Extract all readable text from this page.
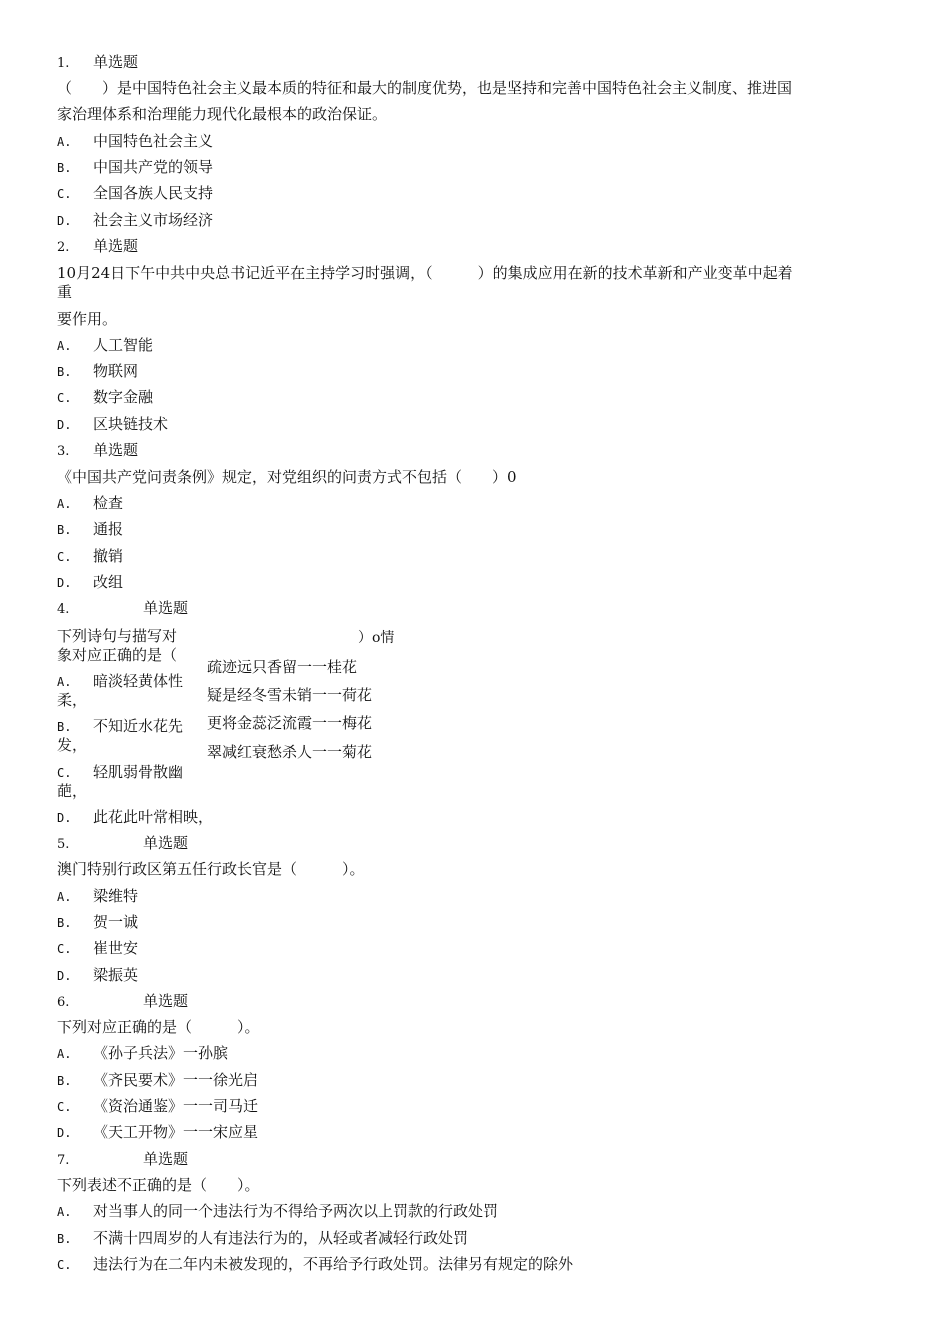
1. 单选题
（　　）是中国特色社会主义最本质的特征和最大的制度优势，也是坚持和完善中国特色社会主义制度、推进国
家治理体系和治理能力现代化最根本的政治保证。
A. 中国特色社会主义
B. 中国共产党的领导
C. 全国各族人民支持
D. 社会主义市场经济
2. 单选题
10月24日下午中共中央总书记近平在主持学习时强调，（　　　）的集成应用在新的技术革新和产业变革中起着
重
要作用。
A. 人工智能
B. 物联网
C. 数字金融
D. 区块链技术
3. 单选题
《中国共产党问责条例》规定，对党组织的问责方式不包括（　　）0
A. 检查
B. 通报
C. 撤销
D. 改组
4.	单选题
下列诗句与描写对
象对应正确的是（
）o情
疏迹远只香留一一桂花
疑是经冬雪未销一一荷花
更将金蕊泛流霞一一梅花
翠减红衰愁杀人一一菊花
A. 暗淡轻黄体性
柔，
B. 不知近水花先
发，
C. 轻肌弱骨散幽
葩，
D. 此花此叶常相映，
5.	单选题
澳门特别行政区第五任行政长官是（　　　）。
A. 梁维特
B. 贺一诚
C. 崔世安
D. 梁振英
6.	单选题
下列对应正确的是（　　　）。
A. 《孙子兵法》一孙膑
B. 《齐民要术》一一徐光启
C. 《资治通鉴》一一司马迁
D. 《天工开物》一一宋应星
7.	单选题
下列表述不正确的是（　　）。
A. 对当事人的同一个违法行为不得给予两次以上罚款的行政处罚
B. 不满十四周岁的人有违法行为的，从轻或者减轻行政处罚
C. 违法行为在二年内未被发现的，不再给予行政处罚。法律另有规定的除外
